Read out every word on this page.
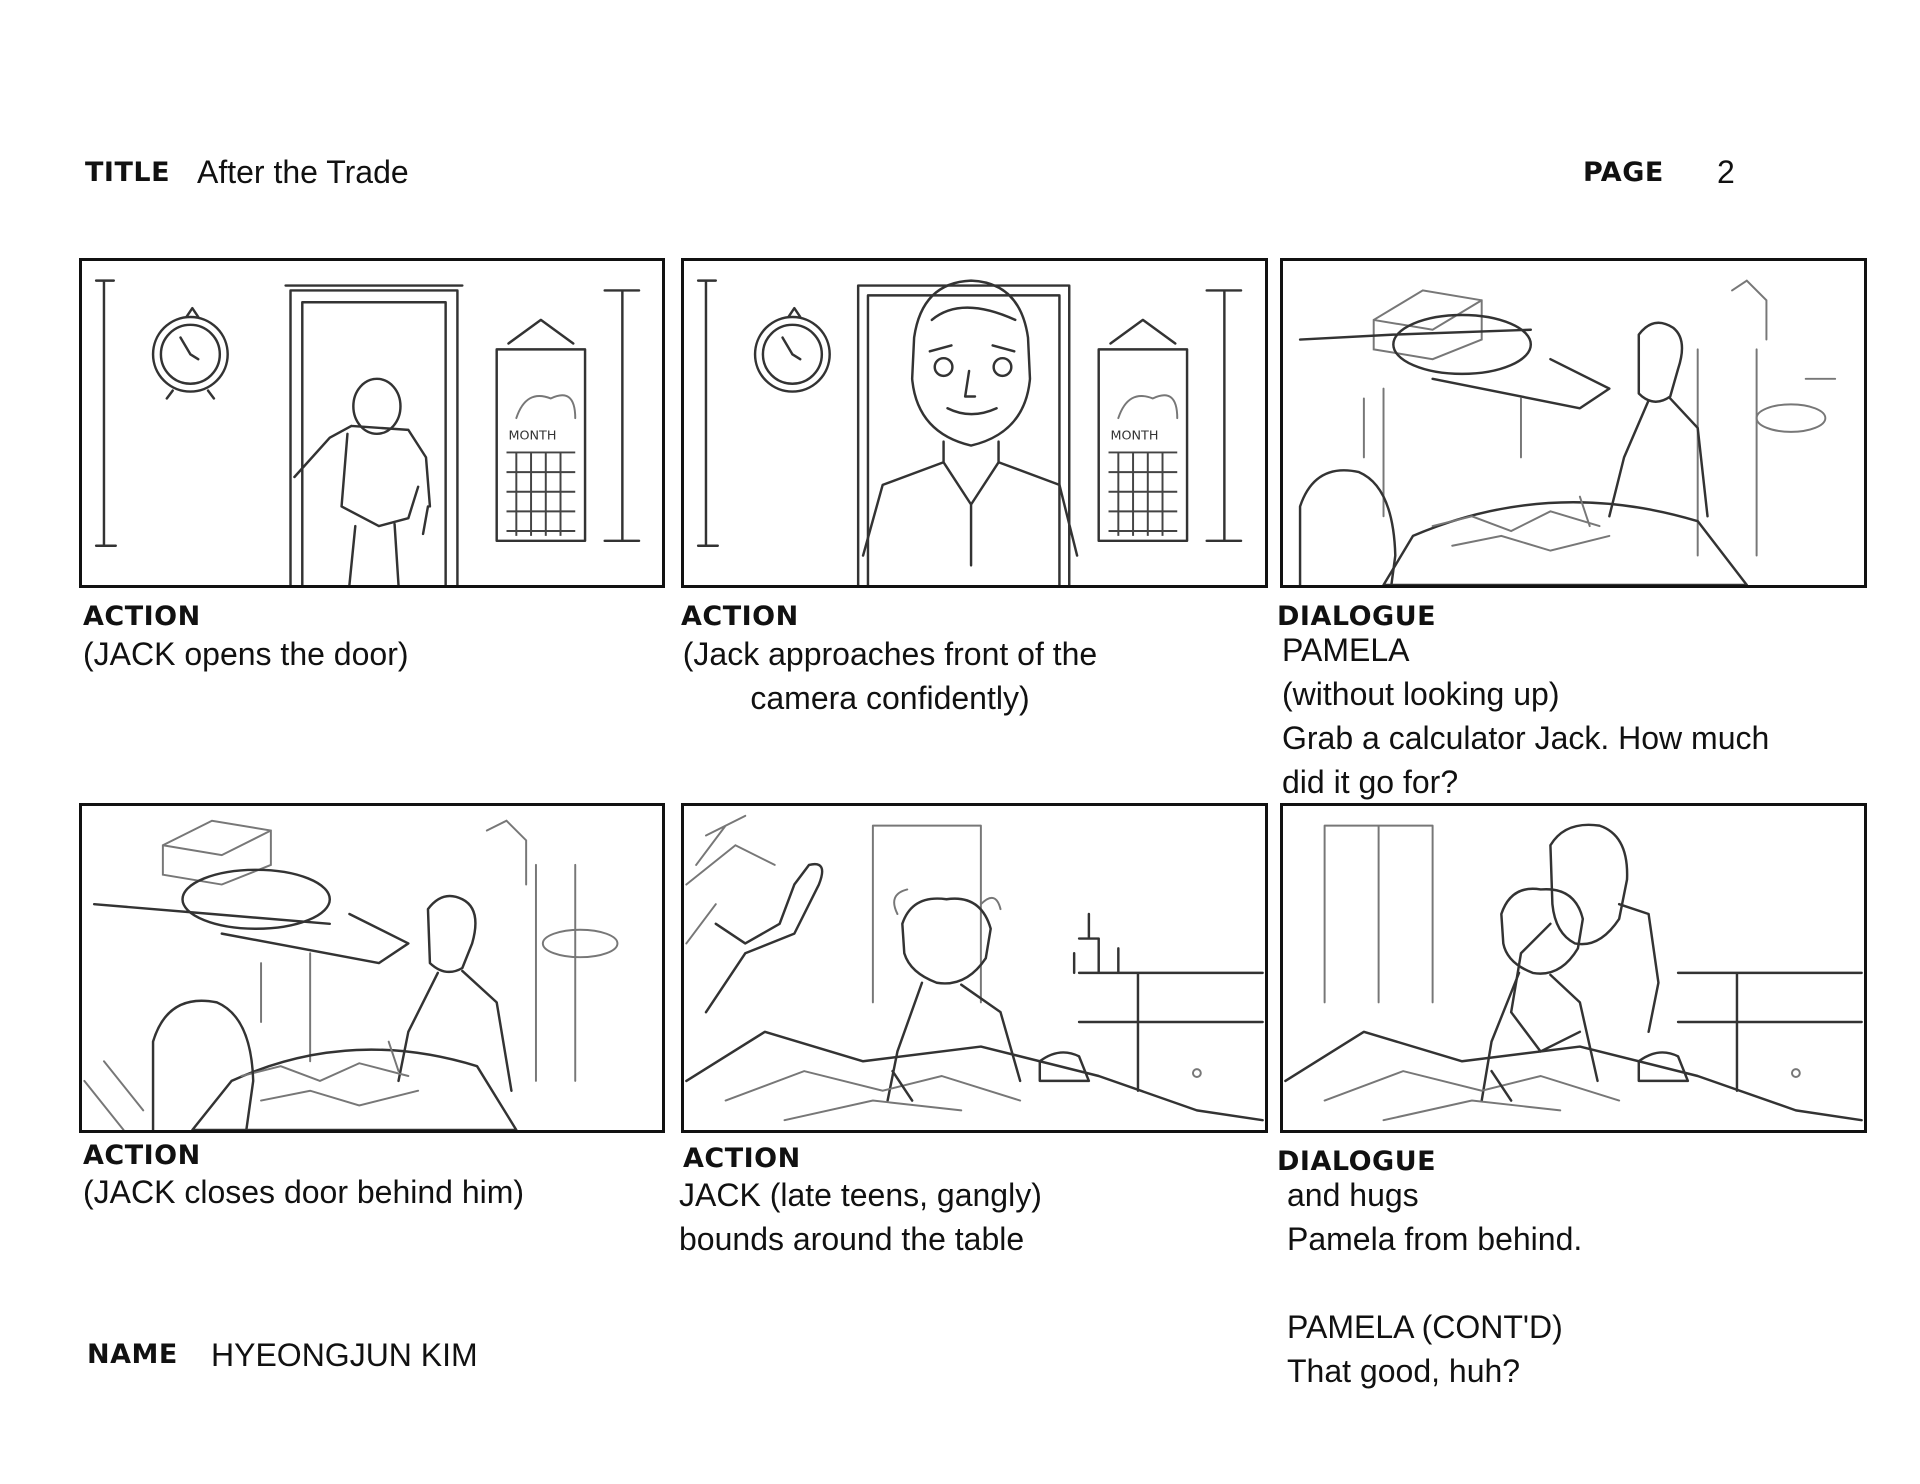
TITLE After the Trade	PAGE 2
MONTH
ACTION
(JACK opens the door)
MONTH
ACTION
(Jack approaches front of the
camera confidently)
DIALOGUE
PAMELA
(without looking up)
Grab a calculator Jack. How much
did it go for?
ACTION
(JACK closes door behind him)
ACTION
JACK (late teens, gangly)
bounds around the table
DIALOGUE
and hugs
Pamela from behind.

PAMELA (CONT'D)
That good, huh?
NAME HYEONGJUN KIM
